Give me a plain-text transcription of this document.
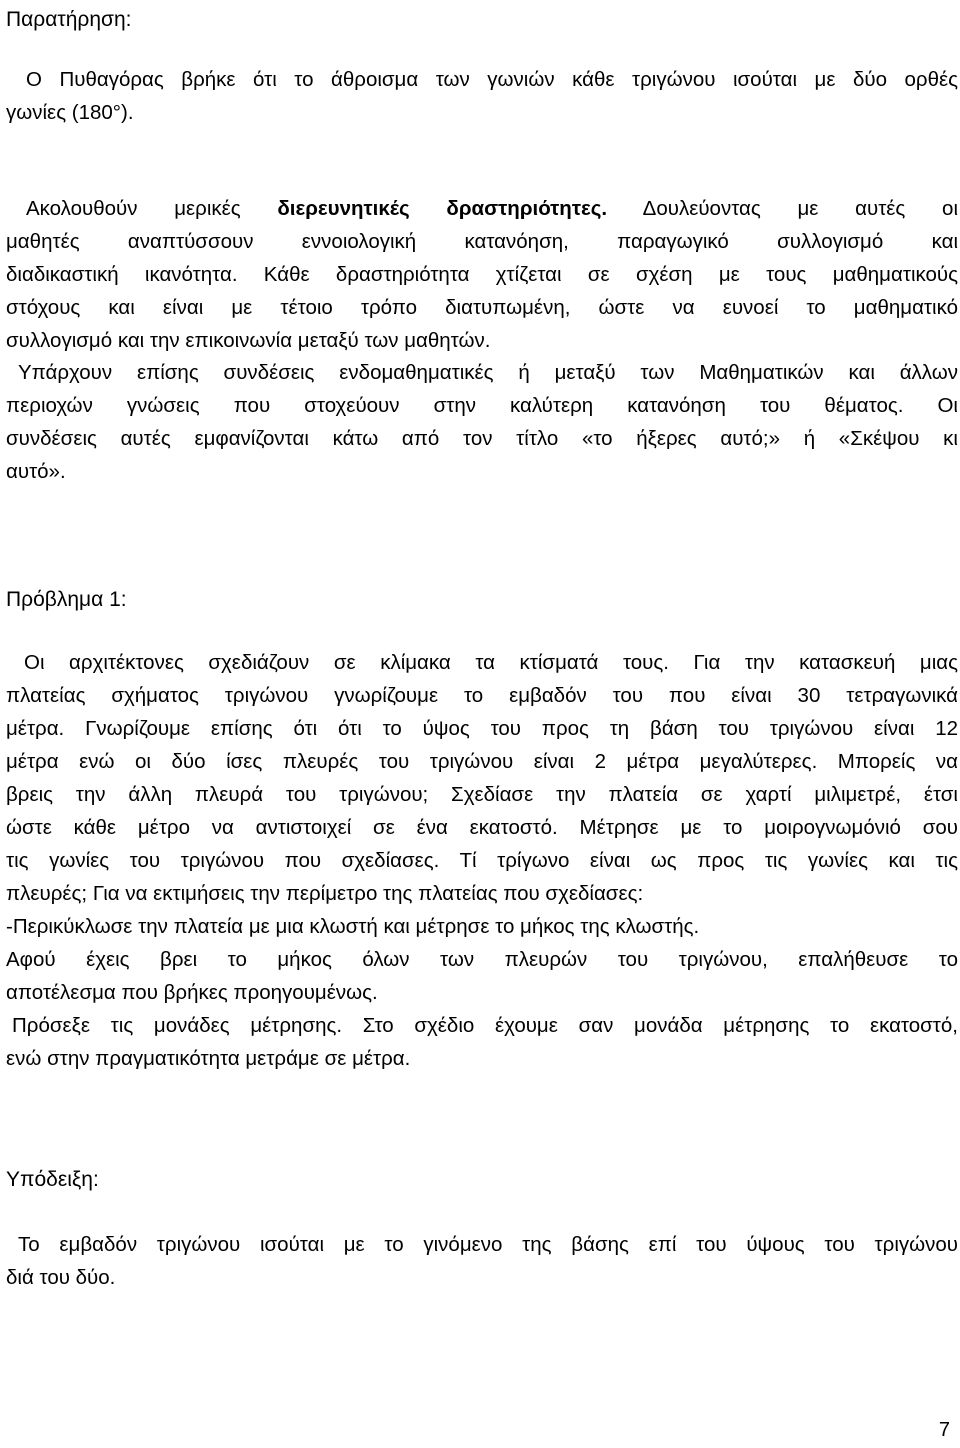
Παρατήρηση:
Ο Πυθαγόρας βρήκε ότι το άθροισμα των γωνιών κάθε τριγώνου ισούται με δύο ορθές
γωνίες (180°).
Ακολουθούν μερικές διερευνητικές δραστηριότητες. Δουλεύοντας με αυτές οι
μαθητές αναπτύσσουν εννοιολογική κατανόηση, παραγωγικό συλλογισμό και
διαδικαστική ικανότητα. Κάθε δραστηριότητα χτίζεται σε σχέση με τους μαθηματικούς
στόχους και είναι με τέτοιο τρόπο διατυπωμένη, ώστε να ευνοεί το μαθηματικό
συλλογισμό και την επικοινωνία μεταξύ των μαθητών.
Υπάρχουν επίσης συνδέσεις ενδομαθηματικές ή μεταξύ των Μαθηματικών και άλλων
περιοχών γνώσεις που στοχεύουν στην καλύτερη κατανόηση του θέματος. Οι
συνδέσεις αυτές εμφανίζονται κάτω από τον τίτλο «το ήξερες αυτό;» ή «Σκέψου κι
αυτό».
Πρόβλημα 1:
Οι αρχιτέκτονες σχεδιάζουν σε κλίμακα τα κτίσματά τους. Για την κατασκευή μιας
πλατείας σχήματος τριγώνου γνωρίζουμε το εμβαδόν του που είναι 30 τετραγωνικά
μέτρα. Γνωρίζουμε επίσης ότι ότι το ύψος του προς τη βάση του τριγώνου είναι 12
μέτρα ενώ οι δύο ίσες πλευρές του τριγώνου είναι 2 μέτρα μεγαλύτερες. Μπορείς να
βρεις την άλλη πλευρά του τριγώνου; Σχεδίασε την πλατεία σε χαρτί μιλιμετρέ, έτσι
ώστε κάθε μέτρο να αντιστοιχεί σε ένα εκατοστό. Μέτρησε με το μοιρογνωμόνιό σου
τις γωνίες του τριγώνου που σχεδίασες. Τί τρίγωνο είναι ως προς τις γωνίες και τις
πλευρές; Για να εκτιμήσεις την περίμετρο της πλατείας που σχεδίασες:
-Περικύκλωσε την πλατεία με μια κλωστή και μέτρησε το μήκος της κλωστής.
Αφού έχεις βρει το μήκος όλων των πλευρών του τριγώνου, επαλήθευσε το
αποτέλεσμα που βρήκες προηγουμένως.
Πρόσεξε τις μονάδες μέτρησης. Στο σχέδιο έχουμε σαν μονάδα μέτρησης το εκατοστό,
ενώ στην πραγματικότητα μετράμε σε μέτρα.
Υπόδειξη:
Το εμβαδόν τριγώνου ισούται με το γινόμενο της βάσης επί του ύψους του τριγώνου
διά του δύο.
7
